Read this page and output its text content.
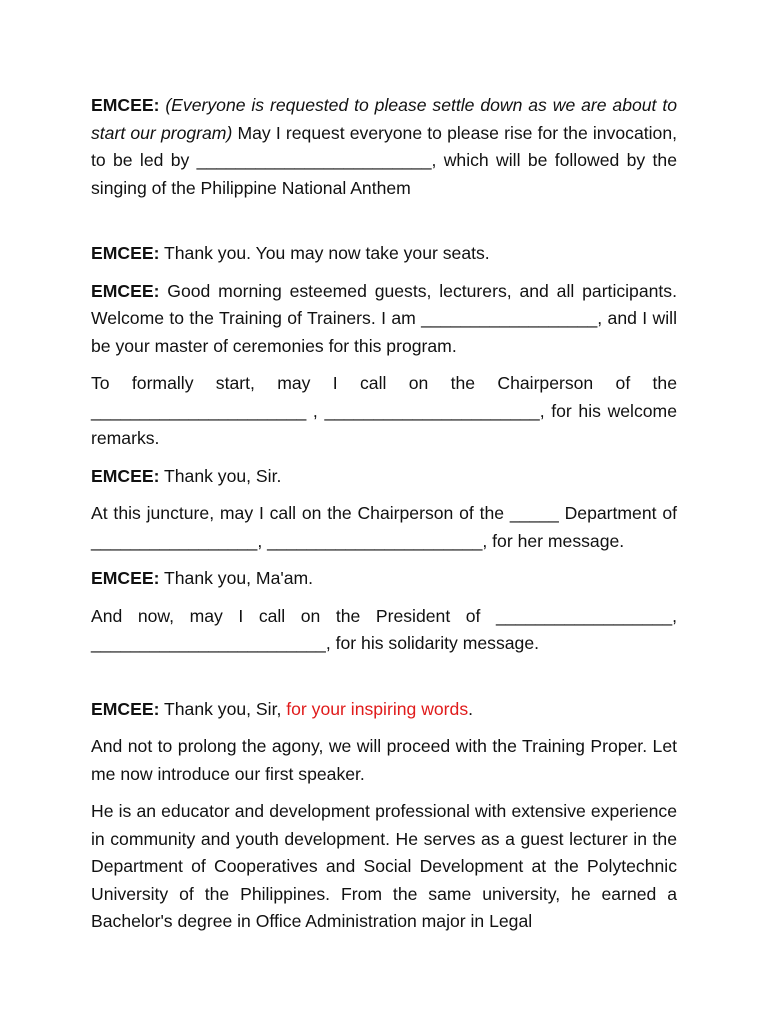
EMCEE: (Everyone is requested to please settle down as we are about to start our program) May I request everyone to please rise for the invocation, to be led by ________________________, which will be followed by the singing of the Philippine National Anthem

EMCEE: Thank you. You may now take your seats.

EMCEE: Good morning esteemed guests, lecturers, and all participants. Welcome to the Training of Trainers. I am __________________, and I will be your master of ceremonies for this program.

To formally start, may I call on the Chairperson of the ______________________ , ______________________, for his welcome remarks.

EMCEE: Thank you, Sir.

At this juncture, may I call on the Chairperson of the _____ Department of _________________, ______________________, for her message.

EMCEE: Thank you, Ma'am.

And now, may I call on the President of __________________, ________________________, for his solidarity message.

EMCEE: Thank you, Sir, for your inspiring words.

And not to prolong the agony, we will proceed with the Training Proper. Let me now introduce our first speaker.

He is an educator and development professional with extensive experience in community and youth development. He serves as a guest lecturer in the Department of Cooperatives and Social Development at the Polytechnic University of the Philippines. From the same university, he earned a Bachelor's degree in Office Administration major in Legal
